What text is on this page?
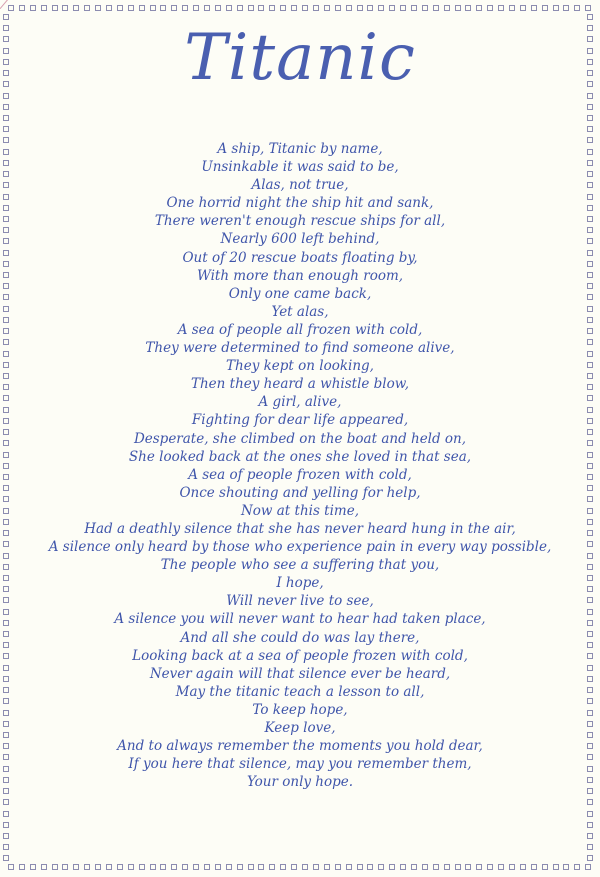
Titanic
A ship, Titanic by name,
Unsinkable it was said to be,
Alas, not true,
One horrid night the ship hit and sank,
There weren't enough rescue ships for all,
Nearly 600 left behind,
Out of 20 rescue boats floating by,
With more than enough room,
Only one came back,
Yet alas,
A sea of people all frozen with cold,
They were determined to find someone alive,
They kept on looking,
Then they heard a whistle blow,
A girl, alive,
Fighting for dear life appeared,
Desperate, she climbed on the boat and held on,
She looked back at the ones she loved in that sea,
A sea of people frozen with cold,
Once shouting and yelling for help,
Now at this time,
Had a deathly silence that she has never heard hung in the air,
A silence only heard by those who experience pain in every way possible,
The people who see a suffering that you,
I hope,
Will never live to see,
A silence you will never want to hear had taken place,
And all she could do was lay there,
Looking back at a sea of people frozen with cold,
Never again will that silence ever be heard,
May the titanic teach a lesson to all,
To keep hope,
Keep love,
And to always remember the moments you hold dear,
If you here that silence, may you remember them,
Your only hope.
